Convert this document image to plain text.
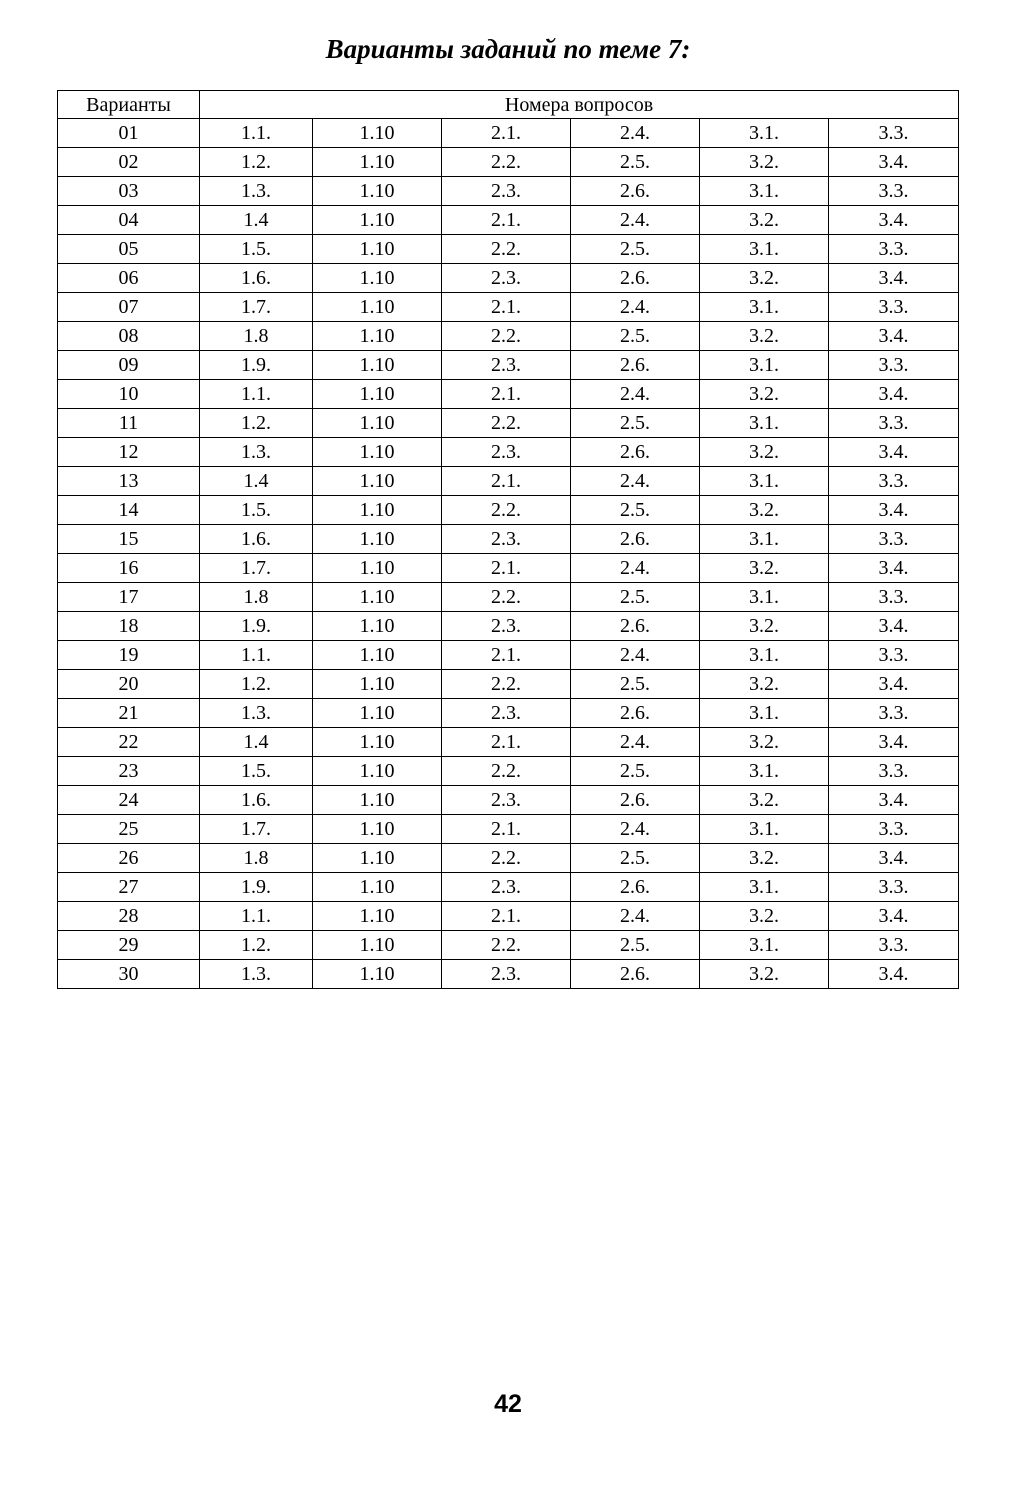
Варианты заданий по теме 7:
Варианты	Номера вопросов					
01	1.1.	1.10	2.1.	2.4.	3.1.	3.3.
02	1.2.	1.10	2.2.	2.5.	3.2.	3.4.
03	1.3.	1.10	2.3.	2.6.	3.1.	3.3.
04	1.4	1.10	2.1.	2.4.	3.2.	3.4.
05	1.5.	1.10	2.2.	2.5.	3.1.	3.3.
06	1.6.	1.10	2.3.	2.6.	3.2.	3.4.
07	1.7.	1.10	2.1.	2.4.	3.1.	3.3.
08	1.8	1.10	2.2.	2.5.	3.2.	3.4.
09	1.9.	1.10	2.3.	2.6.	3.1.	3.3.
10	1.1.	1.10	2.1.	2.4.	3.2.	3.4.
11	1.2.	1.10	2.2.	2.5.	3.1.	3.3.
12	1.3.	1.10	2.3.	2.6.	3.2.	3.4.
13	1.4	1.10	2.1.	2.4.	3.1.	3.3.
14	1.5.	1.10	2.2.	2.5.	3.2.	3.4.
15	1.6.	1.10	2.3.	2.6.	3.1.	3.3.
16	1.7.	1.10	2.1.	2.4.	3.2.	3.4.
17	1.8	1.10	2.2.	2.5.	3.1.	3.3.
18	1.9.	1.10	2.3.	2.6.	3.2.	3.4.
19	1.1.	1.10	2.1.	2.4.	3.1.	3.3.
20	1.2.	1.10	2.2.	2.5.	3.2.	3.4.
21	1.3.	1.10	2.3.	2.6.	3.1.	3.3.
22	1.4	1.10	2.1.	2.4.	3.2.	3.4.
23	1.5.	1.10	2.2.	2.5.	3.1.	3.3.
24	1.6.	1.10	2.3.	2.6.	3.2.	3.4.
25	1.7.	1.10	2.1.	2.4.	3.1.	3.3.
26	1.8	1.10	2.2.	2.5.	3.2.	3.4.
27	1.9.	1.10	2.3.	2.6.	3.1.	3.3.
28	1.1.	1.10	2.1.	2.4.	3.2.	3.4.
29	1.2.	1.10	2.2.	2.5.	3.1.	3.3.
30	1.3.	1.10	2.3.	2.6.	3.2.	3.4.
42
